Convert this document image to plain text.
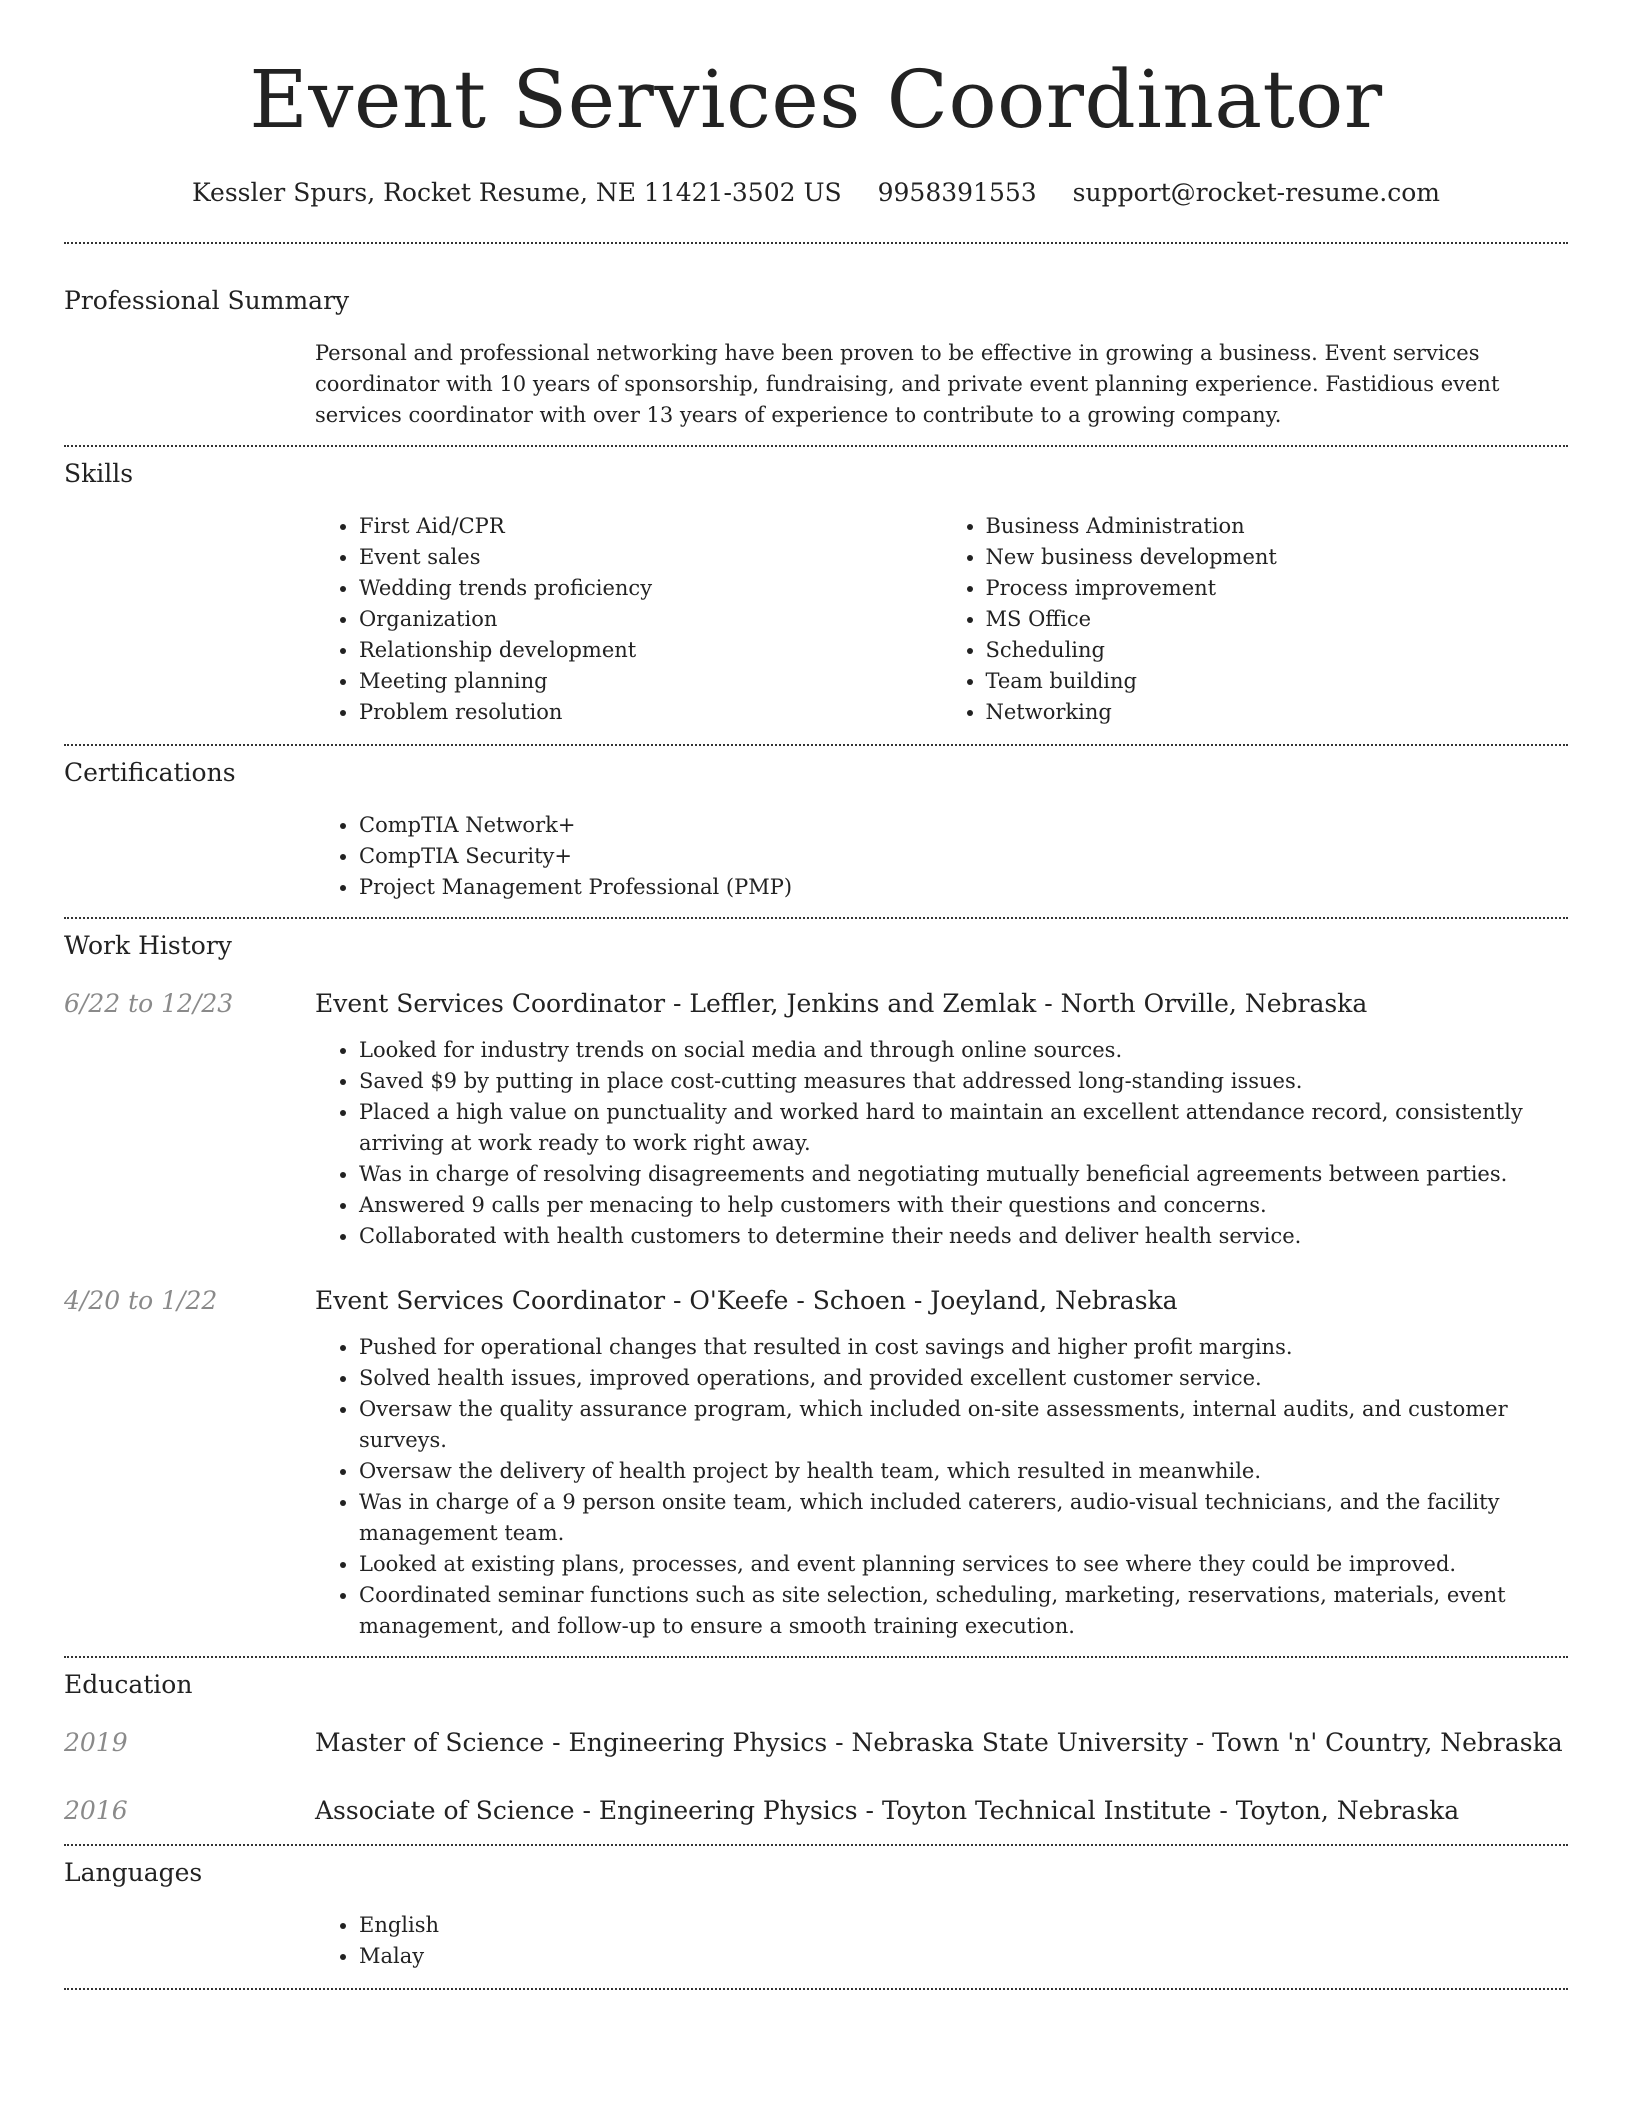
Event Services Coordinator
Kessler Spurs, Rocket Resume, NE 11421-3502 US 9958391553 support@rocket-resume.com
Professional Summary
Personal and professional networking have been proven to be effective in growing a business. Event services coordinator with 10 years of sponsorship, fundraising, and private event planning experience. Fastidious event services coordinator with over 13 years of experience to contribute to a growing company.
Skills
• First Aid/CPR
• Event sales
• Wedding trends proficiency
• Organization
• Relationship development
• Meeting planning
• Problem resolution
• Business Administration
• New business development
• Process improvement
• MS Office
• Scheduling
• Team building
• Networking
Certifications
• CompTIA Network+
• CompTIA Security+
• Project Management Professional (PMP)
Work History
6/22 to 12/23	Event Services Coordinator - Leffler, Jenkins and Zemlak - North Orville, Nebraska
• Looked for industry trends on social media and through online sources.
• Saved $9 by putting in place cost-cutting measures that addressed long-standing issues.
• Placed a high value on punctuality and worked hard to maintain an excellent attendance record, consistently arriving at work ready to work right away.
• Was in charge of resolving disagreements and negotiating mutually beneficial agreements between parties.
• Answered 9 calls per menacing to help customers with their questions and concerns.
• Collaborated with health customers to determine their needs and deliver health service.
4/20 to 1/22	Event Services Coordinator - O'Keefe - Schoen - Joeyland, Nebraska
• Pushed for operational changes that resulted in cost savings and higher profit margins.
• Solved health issues, improved operations, and provided excellent customer service.
• Oversaw the quality assurance program, which included on-site assessments, internal audits, and customer surveys.
• Oversaw the delivery of health project by health team, which resulted in meanwhile.
• Was in charge of a 9 person onsite team, which included caterers, audio-visual technicians, and the facility management team.
• Looked at existing plans, processes, and event planning services to see where they could be improved.
• Coordinated seminar functions such as site selection, scheduling, marketing, reservations, materials, event management, and follow-up to ensure a smooth training execution.
Education
2019	Master of Science - Engineering Physics - Nebraska State University - Town 'n' Country, Nebraska
2016	Associate of Science - Engineering Physics - Toyton Technical Institute - Toyton, Nebraska
Languages
• English
• Malay
